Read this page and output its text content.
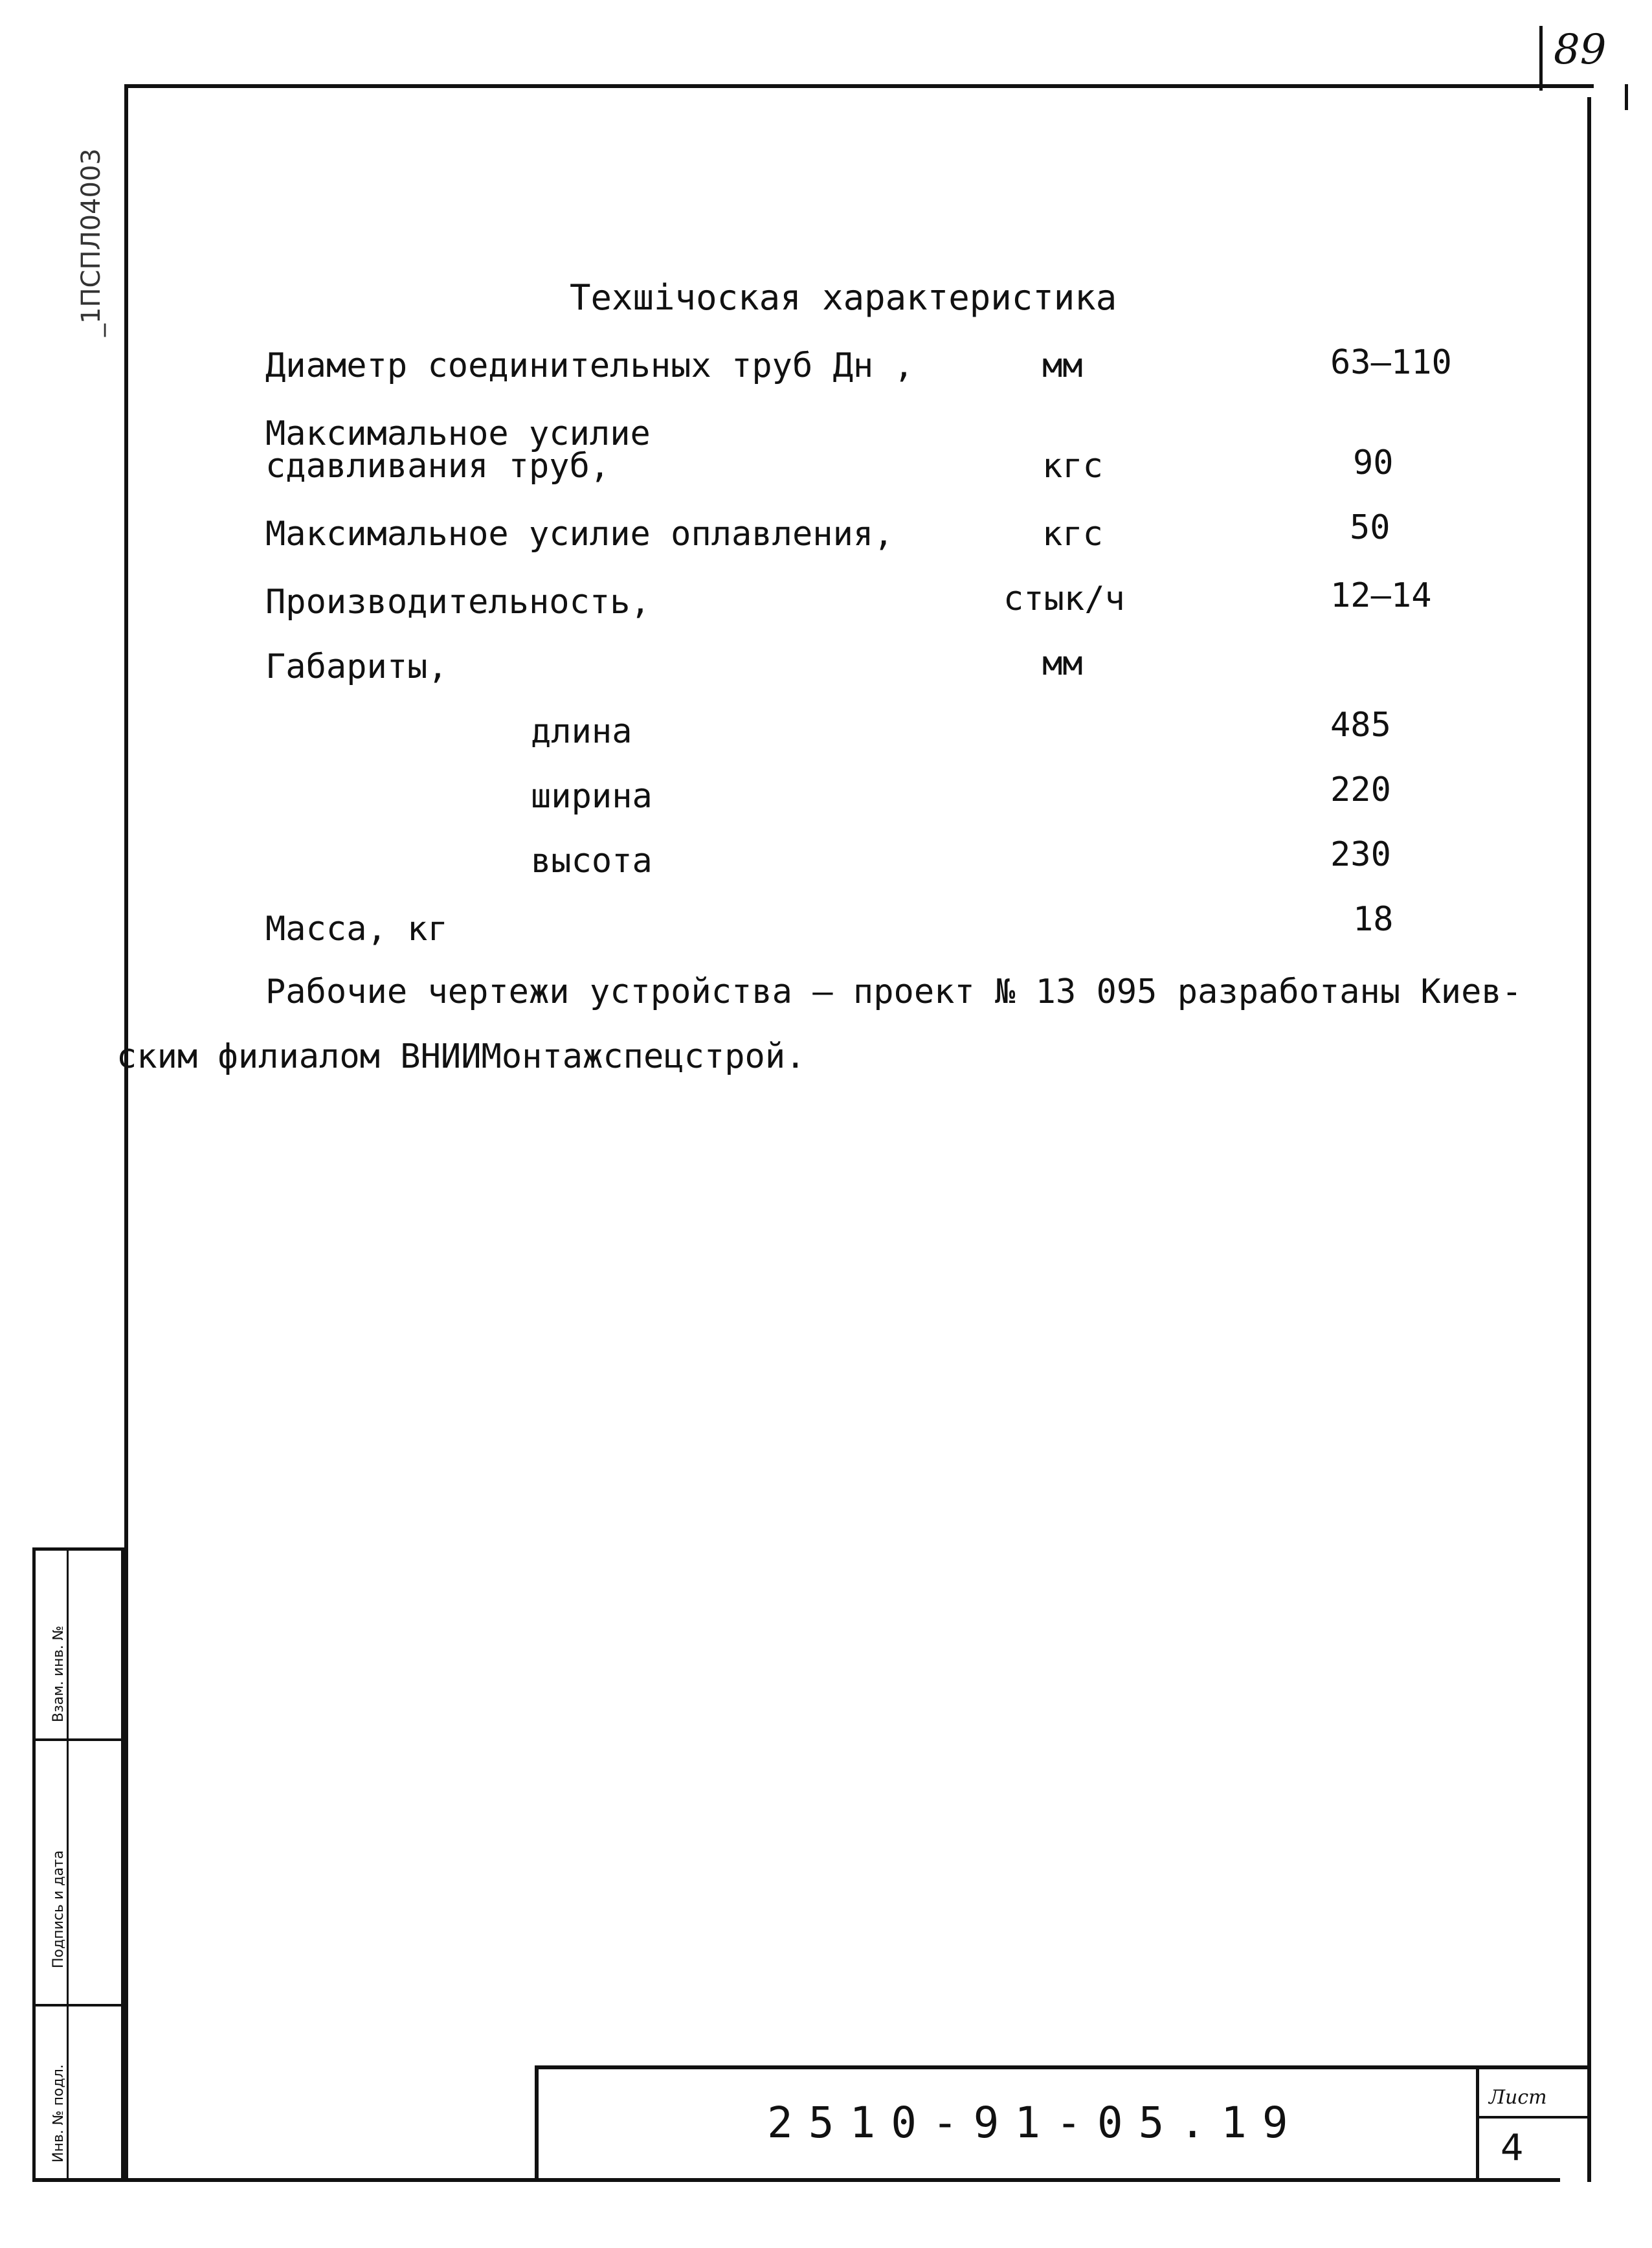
89
_1ПСПЛ04003	Техшічоская характеристика
Диаметр соединительных труб Дн ,	мм	63–110
Максимальное усилие
сдавливания труб,	кгс	90
Максимальное усилие оплавления,	кгс	50
Производительность,	стык/ч	12–14
Габариты,	мм
длина	485
ширина	220
высота	230
Масса, кг	18
Рабочие чертежи устройства – проект № 13 095 разработаны Киев-
ским филиалом ВНИИМонтажспецстрой.
Взам. инв. №
Подпись и дата
Инв. № подл.	2510-91-05.19
Лист
4
